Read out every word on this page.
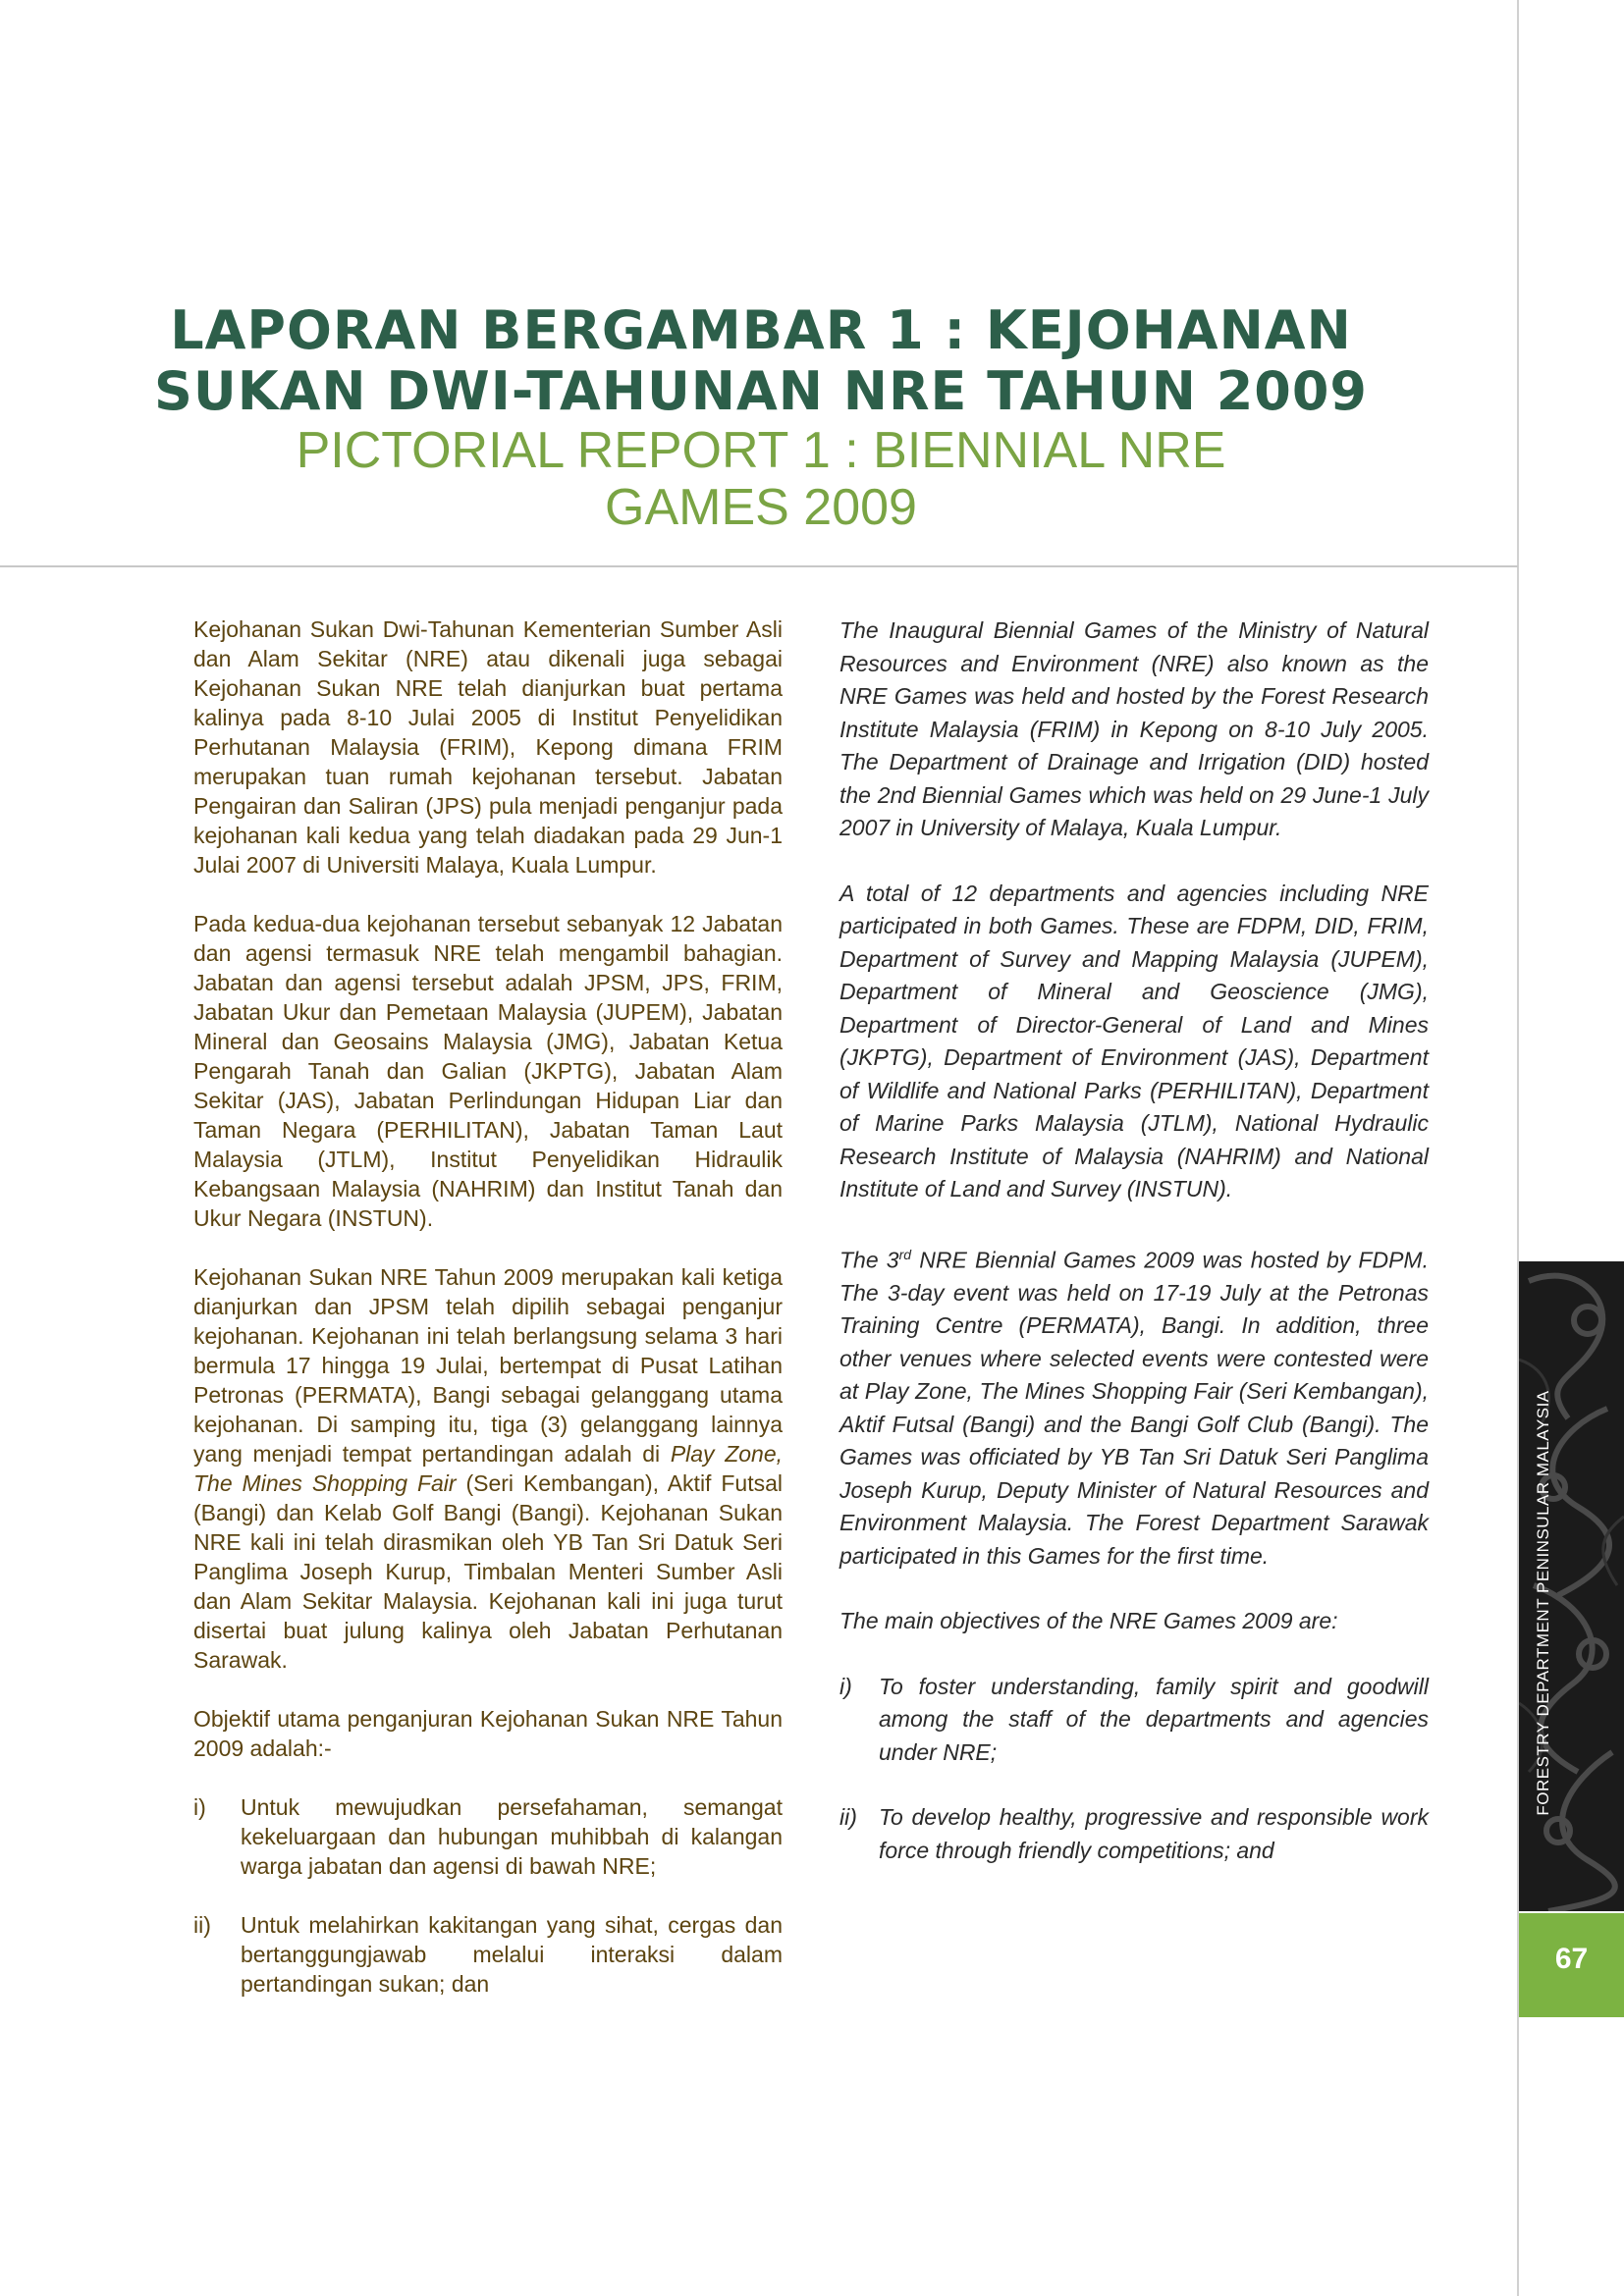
LAPORAN BERGAMBAR 1 : KEJOHANAN
SUKAN DWI-TAHUNAN NRE TAHUN 2009
PICTORIAL REPORT 1 : BIENNIAL NRE
GAMES 2009

Kejohanan Sukan Dwi-Tahunan Kementerian Sumber Asli dan Alam Sekitar (NRE) atau dikenali juga sebagai Kejohanan Sukan NRE telah dianjurkan buat pertama kalinya pada 8-10 Julai 2005 di Institut Penyelidikan Perhutanan Malaysia (FRIM), Kepong dimana FRIM merupakan tuan rumah kejohanan tersebut. Jabatan Pengairan dan Saliran (JPS) pula menjadi penganjur pada kejohanan kali kedua yang telah diadakan pada 29 Jun-1 Julai 2007 di Universiti Malaya, Kuala Lumpur.

Pada kedua-dua kejohanan tersebut sebanyak 12 Jabatan dan agensi termasuk NRE telah mengambil bahagian. Jabatan dan agensi tersebut adalah JPSM, JPS, FRIM, Jabatan Ukur dan Pemetaan Malaysia (JUPEM), Jabatan Mineral dan Geosains Malaysia (JMG), Jabatan Ketua Pengarah Tanah dan Galian (JKPTG), Jabatan Alam Sekitar (JAS), Jabatan Perlindungan Hidupan Liar dan Taman Negara (PERHILITAN), Jabatan Taman Laut Malaysia (JTLM), Institut Penyelidikan Hidraulik Kebangsaan Malaysia (NAHRIM) dan Institut Tanah dan Ukur Negara (INSTUN).

Kejohanan Sukan NRE Tahun 2009 merupakan kali ketiga dianjurkan dan JPSM telah dipilih sebagai penganjur kejohanan. Kejohanan ini telah berlangsung selama 3 hari bermula 17 hingga 19 Julai, bertempat di Pusat Latihan Petronas (PERMATA), Bangi sebagai gelanggang utama kejohanan. Di samping itu, tiga (3) gelanggang lainnya yang menjadi tempat pertandingan adalah di Play Zone, The Mines Shopping Fair (Seri Kembangan), Aktif Futsal (Bangi) dan Kelab Golf Bangi (Bangi). Kejohanan Sukan NRE kali ini telah dirasmikan oleh YB Tan Sri Datuk Seri Panglima Joseph Kurup, Timbalan Menteri Sumber Asli dan Alam Sekitar Malaysia. Kejohanan kali ini juga turut disertai buat julung kalinya oleh Jabatan Perhutanan Sarawak.

Objektif utama penganjuran Kejohanan Sukan NRE Tahun 2009 adalah:-

i)	Untuk mewujudkan persefahaman, semangat kekeluargaan dan hubungan muhibbah di kalangan warga jabatan dan agensi di bawah NRE;
ii)	Untuk melahirkan kakitangan yang sihat, cergas dan bertanggungjawab melalui interaksi dalam pertandingan sukan; dan

The Inaugural Biennial Games of the Ministry of Natural Resources and Environment (NRE) also known as the NRE Games was held and hosted by the Forest Research Institute Malaysia (FRIM) in Kepong on 8-10 July 2005. The Department of Drainage and Irrigation (DID) hosted the 2nd Biennial Games which was held on 29 June-1 July 2007 in University of Malaya, Kuala Lumpur.

A total of 12 departments and agencies including NRE participated in both Games. These are FDPM, DID, FRIM, Department of Survey and Mapping Malaysia (JUPEM), Department of Mineral and Geoscience (JMG), Department of Director-General of Land and Mines (JKPTG), Department of Environment (JAS), Department of Wildlife and National Parks (PERHILITAN), Department of Marine Parks Malaysia (JTLM), National Hydraulic Research Institute of Malaysia (NAHRIM) and National Institute of Land and Survey (INSTUN).

The 3rd NRE Biennial Games 2009 was hosted by FDPM. The 3-day event was held on 17-19 July at the Petronas Training Centre (PERMATA), Bangi. In addition, three other venues where selected events were contested were at Play Zone, The Mines Shopping Fair (Seri Kembangan), Aktif Futsal (Bangi) and the Bangi Golf Club (Bangi). The Games was officiated by YB Tan Sri Datuk Seri Panglima Joseph Kurup, Deputy Minister of Natural Resources and Environment Malaysia. The Forest Department Sarawak participated in this Games for the first time.

The main objectives of the NRE Games 2009 are:

i)	To foster understanding, family spirit and goodwill among the staff of the departments and agencies under NRE;
ii) To develop healthy, progressive and responsible work force through friendly competitions; and
FORESTRY DEPARTMENT PENINSULAR MALAYSIA
67
